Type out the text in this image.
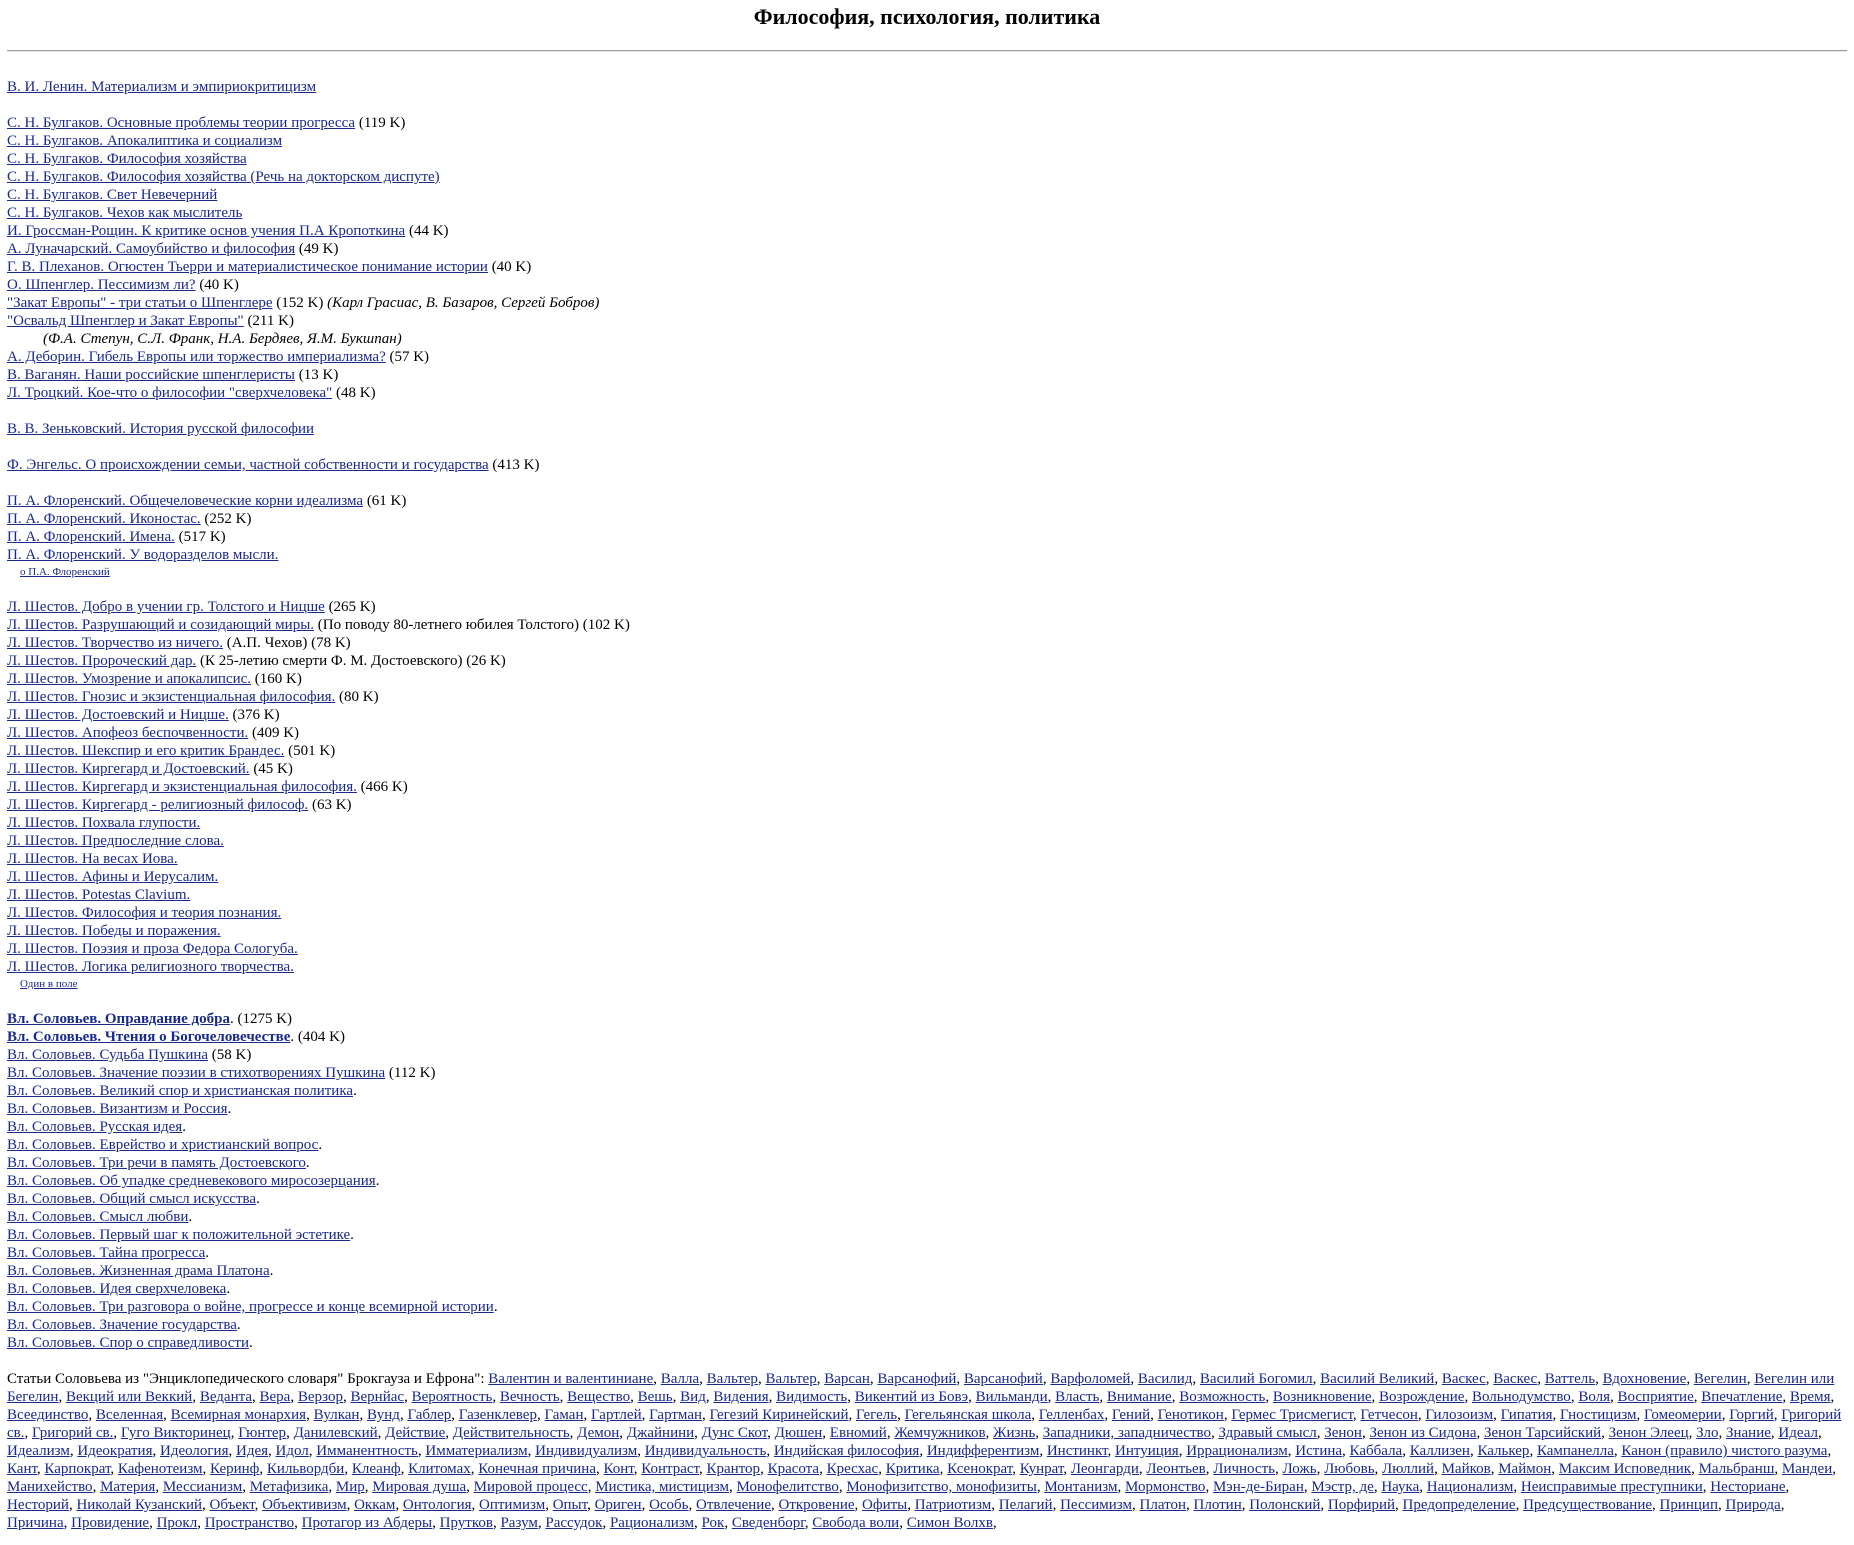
Философия, психология, политика
В. И. Ленин. Материализм и эмпириокритицизм
С. Н. Булгаков. Основные проблемы теории прогресса (119 K)
С. Н. Булгаков. Апокалиптика и социализм
С. Н. Булгаков. Философия хозяйства
С. Н. Булгаков. Философия хозяйства (Речь на докторском диспуте)
С. Н. Булгаков. Свет Невечерний
С. Н. Булгаков. Чехов как мыслитель
И. Гроссман-Рощин. К критике основ учения П.А Кропоткина (44 K)
А. Луначарский. Самоубийство и философия (49 K)
Г. В. Плеханов. Огюстен Тьерри и материалистическое понимание истории (40 K)
О. Шпенглер. Пессимизм ли? (40 K)
"Закат Европы" - три статьи о Шпенглере (152 K) (Карл Грасиас, В. Базаров, Сергей Бобров)
"Освальд Шпенглер и Закат Европы" (211 K)
(Ф.А. Степун, С.Л. Франк, Н.А. Бердяев, Я.М. Букшпан)
А. Деборин. Гибель Европы или торжество империализма? (57 K)
В. Ваганян. Наши российские шпенглеристы (13 K)
Л. Троцкий. Кое-что о философии "сверхчеловека" (48 K)
В. В. Зеньковский. История русской философии
Ф. Энгельс. О происхождении семьи, частной собственности и государства (413 K)
П. А. Флоренский. Общечеловеческие корни идеализма (61 K)
П. А. Флоренский. Иконостас. (252 K)
П. А. Флоренский. Имена. (517 K)
П. А. Флоренский. У водоразделов мысли.
о П.А. Флоренский
Л. Шестов. Добро в учении гр. Толстого и Ницше (265 K)
Л. Шестов. Разрушающий и созидающий миры. (По поводу 80-летнего юбилея Толстого) (102 K)
Л. Шестов. Творчество из ничего. (А.П. Чехов) (78 K)
Л. Шестов. Пророческий дар. (К 25-летию смерти Ф. М. Достоевского) (26 K)
Л. Шестов. Умозрение и апокалипсис. (160 K)
Л. Шестов. Гнозис и экзистенциальная философия. (80 K)
Л. Шестов. Достоевский и Ницше. (376 K)
Л. Шестов. Апофеоз беспочвенности. (409 K)
Л. Шестов. Шекспир и его критик Брандес. (501 K)
Л. Шестов. Киргегард и Достоевский. (45 K)
Л. Шестов. Киргегард и экзистенциальная философия. (466 K)
Л. Шестов. Киргегард - религиозный философ. (63 K)
Л. Шестов. Похвала глупости.
Л. Шестов. Предпоследние слова.
Л. Шестов. На весах Иова.
Л. Шестов. Афины и Иерусалим.
Л. Шестов. Potestas Clavium.
Л. Шестов. Философия и теория познания.
Л. Шестов. Победы и поражения.
Л. Шестов. Поэзия и проза Федора Сологуба.
Л. Шестов. Логика религиозного творчества.
Один в поле
Вл. Соловьев. Оправдание добра. (1275 K)
Вл. Соловьев. Чтения о Богочеловечестве. (404 K)
Вл. Соловьев. Судьба Пушкина (58 K)
Вл. Соловьев. Значение поэзии в стихотворениях Пушкина (112 K)
Вл. Соловьев. Великий спор и христианская политика.
Вл. Соловьев. Византизм и Россия.
Вл. Соловьев. Русская идея.
Вл. Соловьев. Еврейство и христианский вопрос.
Вл. Соловьев. Три речи в память Достоевского.
Вл. Соловьев. Об упадке средневекового миросозерцания.
Вл. Соловьев. Общий смысл искусства.
Вл. Соловьев. Смысл любви.
Вл. Соловьев. Первый шаг к положительной эстетике.
Вл. Соловьев. Тайна прогресса.
Вл. Соловьев. Жизненная драма Платона.
Вл. Соловьев. Идея сверхчеловека.
Вл. Соловьев. Три разговора о войне, прогрессе и конце всемирной истории.
Вл. Соловьев. Значение государства.
Вл. Соловьев. Спор о справедливости.
Статьи Соловьева из "Энциклопедического словаря" Брокгауза и Ефрона": Валентин и валентиниане, Валла, Вальтер, Вальтер, Варсан, Варсанофий, Варсанофий, Варфоломей, Василид, Василий Богомил, Василий Великий, Васкес, Васкес, Ваттель, Вдохновение, Вегелин, Вегелин или Бегелин, Векций или Веккий, Веданта, Вера, Верзор, Вернйас, Вероятность, Вечность, Вещество, Вешь, Вид, Видения, Видимость, Викентий из Бовэ, Вильманди, Власть, Внимание, Возможность, Возникновение, Возрождение, Вольнодумство, Воля, Восприятие, Впечатление, Время, Всеединство, Вселенная, Всемирная монархия, Вулкан, Вунд, Габлер, Газенклевер, Гаман, Гартлей, Гартман, Гегезий Киринейский, Гегель, Гегельянская школа, Гелленбах, Гений, Генотикон, Гермес Трисмегист, Гетчесон, Гилозоизм, Гипатия, Гностицизм, Гомеомерии, Горгий, Григорий св., Григорий св., Гуго Викторинец, Гюнтер, Данилевский, Действие, Действительность, Демон, Джайнини, Дунс Скот, Дюшен, Евномий, Жемчужников, Жизнь, Западники, западничество, Здравый смысл, Зенон, Зенон из Сидона, Зенон Тарсийский, Зенон Элеец, Зло, Знание, Идеал, Идеализм, Идеократия, Идеология, Идея, Идол, Имманентность, Имматериализм, Индивидуализм, Индивидуальность, Индийская философия, Индифферентизм, Инстинкт, Интуиция, Иррационализм, Истина, Каббала, Каллизен, Калькер, Кампанелла, Канон (правило) чистого разума, Кант, Карпократ, Кафенотеизм, Керинф, Кильвордби, Клеанф, Клитомах, Конечная причина, Конт, Контраст, Крантор, Красота, Кресхас, Критика, Ксенократ, Кунрат, Леонгарди, Леонтьев, Личность, Ложь, Любовь, Люллий, Майков, Маймон, Максим Исповедник, Мальбранш, Мандеи, Манихейство, Материя, Мессианизм, Метафизика, Мир, Мировая душа, Мировой процесс, Мистика, мистицизм, Монофелитство, Монофизитство, монофизиты, Монтанизм, Мормонство, Мэн-де-Биран, Мэстр, де, Наука, Национализм, Неисправимые преступники, Несториане, Несторий, Николай Кузанский, Объект, Объективизм, Оккам, Онтология, Оптимизм, Опыт, Ориген, Особь, Отвлечение, Откровение, Офиты, Патриотизм, Пелагий, Пессимизм, Платон, Плотин, Полонский, Порфирий, Предопределение, Предсуществование, Принцип, Природа, Причина, Провидение, Прокл, Пространство, Протагор из Абдеры, Прутков, Разум, Рассудок, Рационализм, Рок, Сведенборг, Свобода воли, Симон Волхв,
